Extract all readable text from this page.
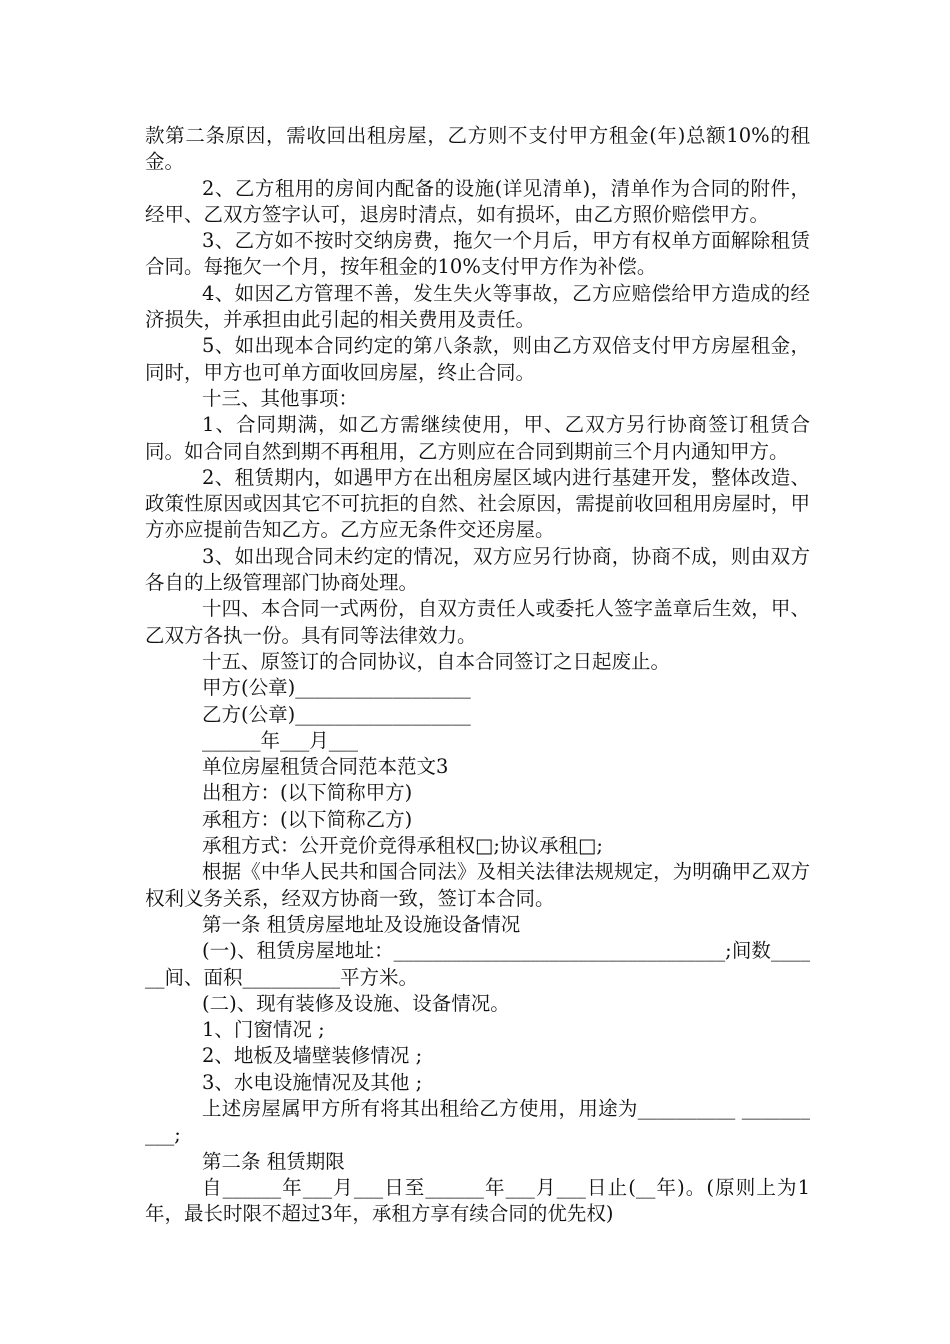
款第二条原因，需收回出租房屋，乙方则不支付甲方租金(年)总额10%的租金。

2、乙方租用的房间内配备的设施(详见清单)，清单作为合同的附件，经甲、乙双方签字认可，退房时清点，如有损坏，由乙方照价赔偿甲方。

3、乙方如不按时交纳房费，拖欠一个月后，甲方有权单方面解除租赁合同。每拖欠一个月，按年租金的10%支付甲方作为补偿。

4、如因乙方管理不善，发生失火等事故，乙方应赔偿给甲方造成的经济损失，并承担由此引起的相关费用及责任。

5、如出现本合同约定的第八条款，则由乙方双倍支付甲方房屋租金，同时，甲方也可单方面收回房屋，终止合同。

十三、其他事项：

1、合同期满，如乙方需继续使用，甲、乙双方另行协商签订租赁合同。如合同自然到期不再租用，乙方则应在合同到期前三个月内通知甲方。

2、租赁期内，如遇甲方在出租房屋区域内进行基建开发，整体改造、政策性原因或因其它不可抗拒的自然、社会原因，需提前收回租用房屋时，甲方亦应提前告知乙方。乙方应无条件交还房屋。

3、如出现合同未约定的情况，双方应另行协商，协商不成，则由双方各自的上级管理部门协商处理。

十四、本合同一式两份，自双方责任人或委托人签字盖章后生效，甲、乙双方各执一份。具有同等法律效力。

十五、原签订的合同协议，自本合同签订之日起废止。

甲方(公章)__________________

乙方(公章)__________________

______年___月___

单位房屋租赁合同范本范文3

出租方：(以下简称甲方)

承租方：(以下简称乙方)

承租方式：公开竞价竞得承租权□;协议承租□;

根据《中华人民共和国合同法》及相关法律法规规定，为明确甲乙双方权利义务关系，经双方协商一致，签订本合同。

第一条 租赁房屋地址及设施设备情况

(一)、租赁房屋地址：__________________________________;间数______间、面积__________平方米。

(二)、现有装修及设施、设备情况。

1、门窗情况 ;

2、地板及墙壁装修情况 ;

3、水电设施情况及其他 ;

上述房屋属甲方所有将其出租给乙方使用，用途为__________ __________;

第二条 租赁期限

自______年___月___日至______年___月___日止(__年)。(原则上为1年，最长时限不超过3年，承租方享有续合同的优先权)
